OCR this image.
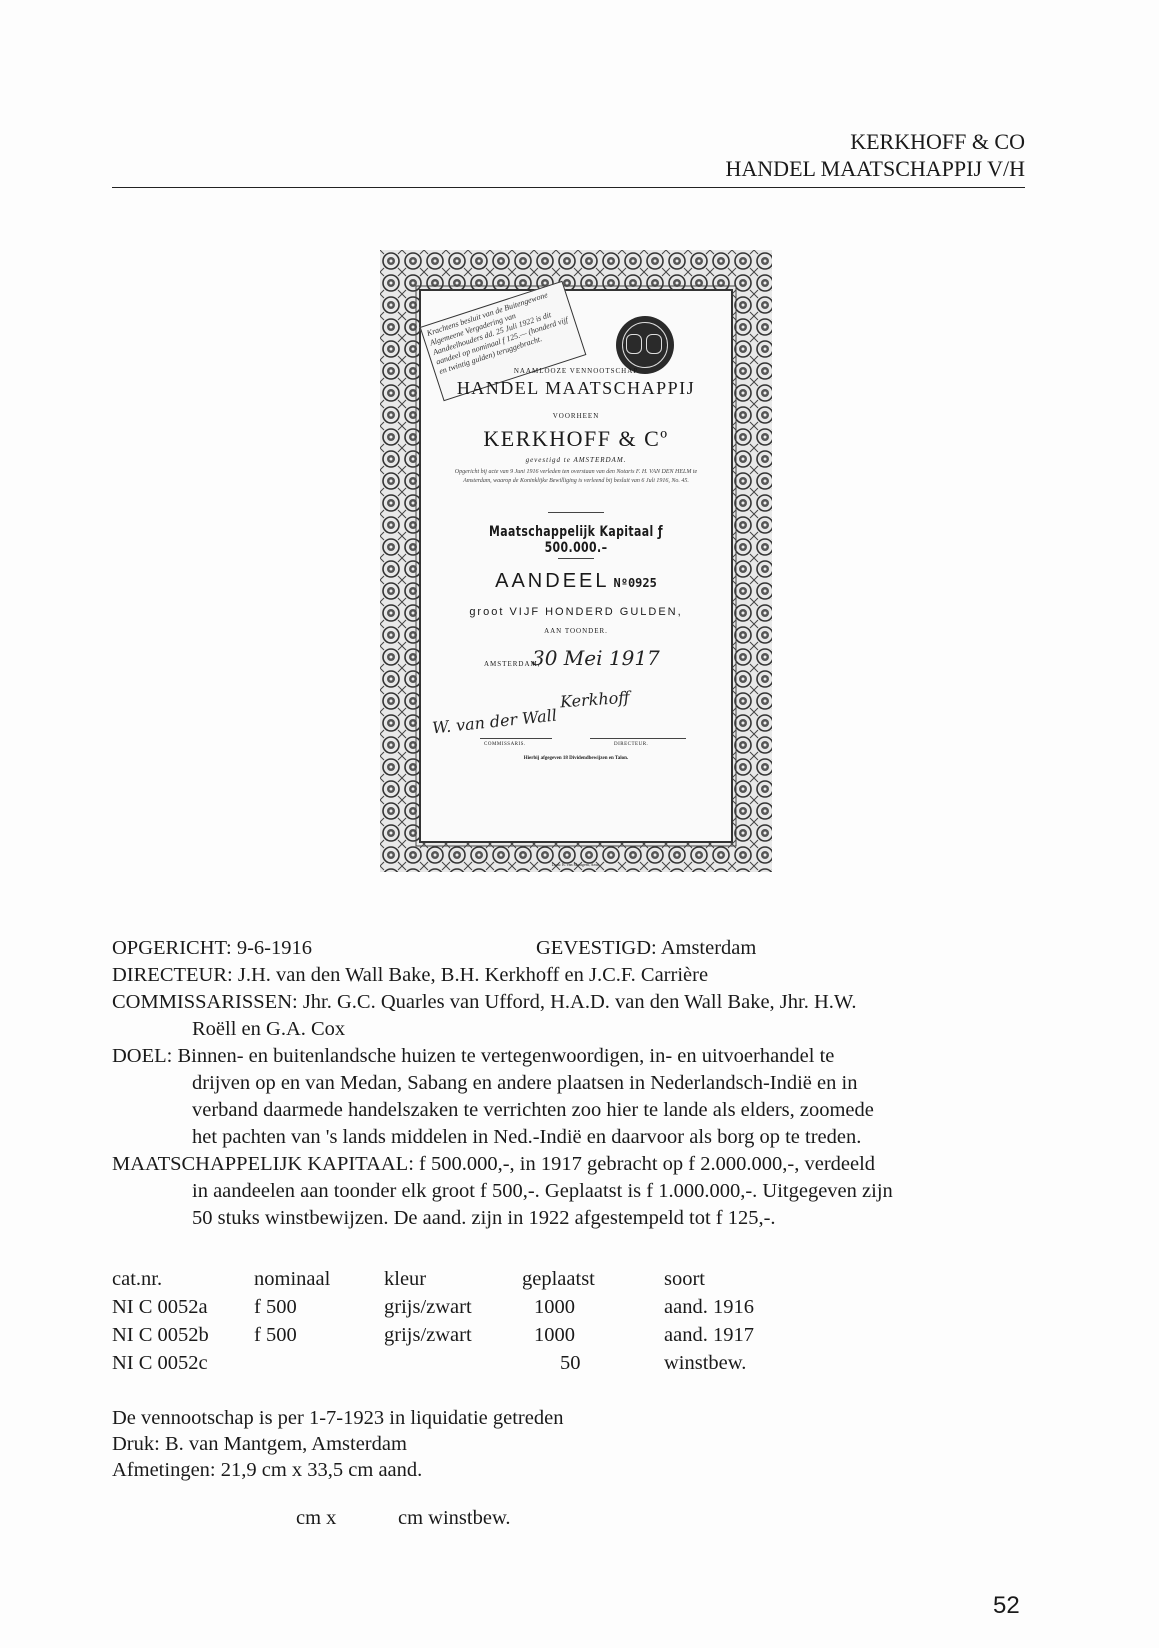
KERKHOFF & CO
HANDEL MAATSCHAPPIJ V/H
Krachtens besluit van de Buitengewone Algemeene Vergadering van Aandeelhouders dd. 25 Juli 1922 is dit aandeel op nominaal f 125.— (honderd vijf en twintig gulden) teruggebracht.
NAAMLOOZE VENNOOTSCHAP
HANDEL MAATSCHAPPIJ
VOORHEEN
KERKHOFF & Cº
gevestigd te AMSTERDAM.
Opgericht bij acte van 9 Juni 1916 verleden ten overstaan van den Notaris F. H. VAN DEN HELM te Amsterdam, waarop de Koninklijke Bewilliging is verleend bij besluit van 6 Juli 1916, No. 45.
Maatschappelijk Kapitaal ƒ 500.000.–
AANDEEL Nº0925
groot VIJF HONDERD GULDEN,
AAN TOONDER.
AMSTERDAM,
30 Mei 1917
Kerkhoff
W. van der Wall
COMMISSARIS.	DIRECTEUR.
Hierbij afgegeven 18 Dividendbewijzen en Talon.
Druk: B. van Mantgem, Amst.
OPGERICHT: 9-6-1916
DIRECTEUR: J.H. van den Wall Bake, B.H. Kerkhoff en J.C.F. Carrière
COMMISSARISSEN: Jhr. G.C. Quarles van Ufford, H.A.D. van den Wall Bake, Jhr. H.W.
Roëll en G.A. Cox
DOEL: Binnen- en buitenlandsche huizen te vertegenwoordigen, in- en uitvoerhandel te
drijven op en van Medan, Sabang en andere plaatsen in Nederlandsch-Indië en in
verband daarmede handelszaken te verrichten zoo hier te lande als elders, zoomede
het pachten van 's lands middelen in Ned.-Indië en daarvoor als borg op te treden.
MAATSCHAPPELIJK KAPITAAL: f 500.000,-, in 1917 gebracht op f 2.000.000,-, verdeeld
in aandeelen aan toonder elk groot f 500,-. Geplaatst is f 1.000.000,-. Uitgegeven zijn
50 stuks winstbewijzen. De aand. zijn in 1922 afgestempeld tot f 125,-.
GEVESTIGD: Amsterdam
cat.nr.	nominaal	kleur	geplaatst	soort
NI C 0052a	f 500	grijs/zwart	1000	aand. 1916
NI C 0052b	f 500	grijs/zwart	1000	aand. 1917
NI C 0052c			50	winstbew.
De vennootschap is per 1-7-1923 in liquidatie getreden
Druk: B. van Mantgem, Amsterdam
Afmetingen: 21,9 cm x 33,5 cm aand.
cm x	cm winstbew.
52
